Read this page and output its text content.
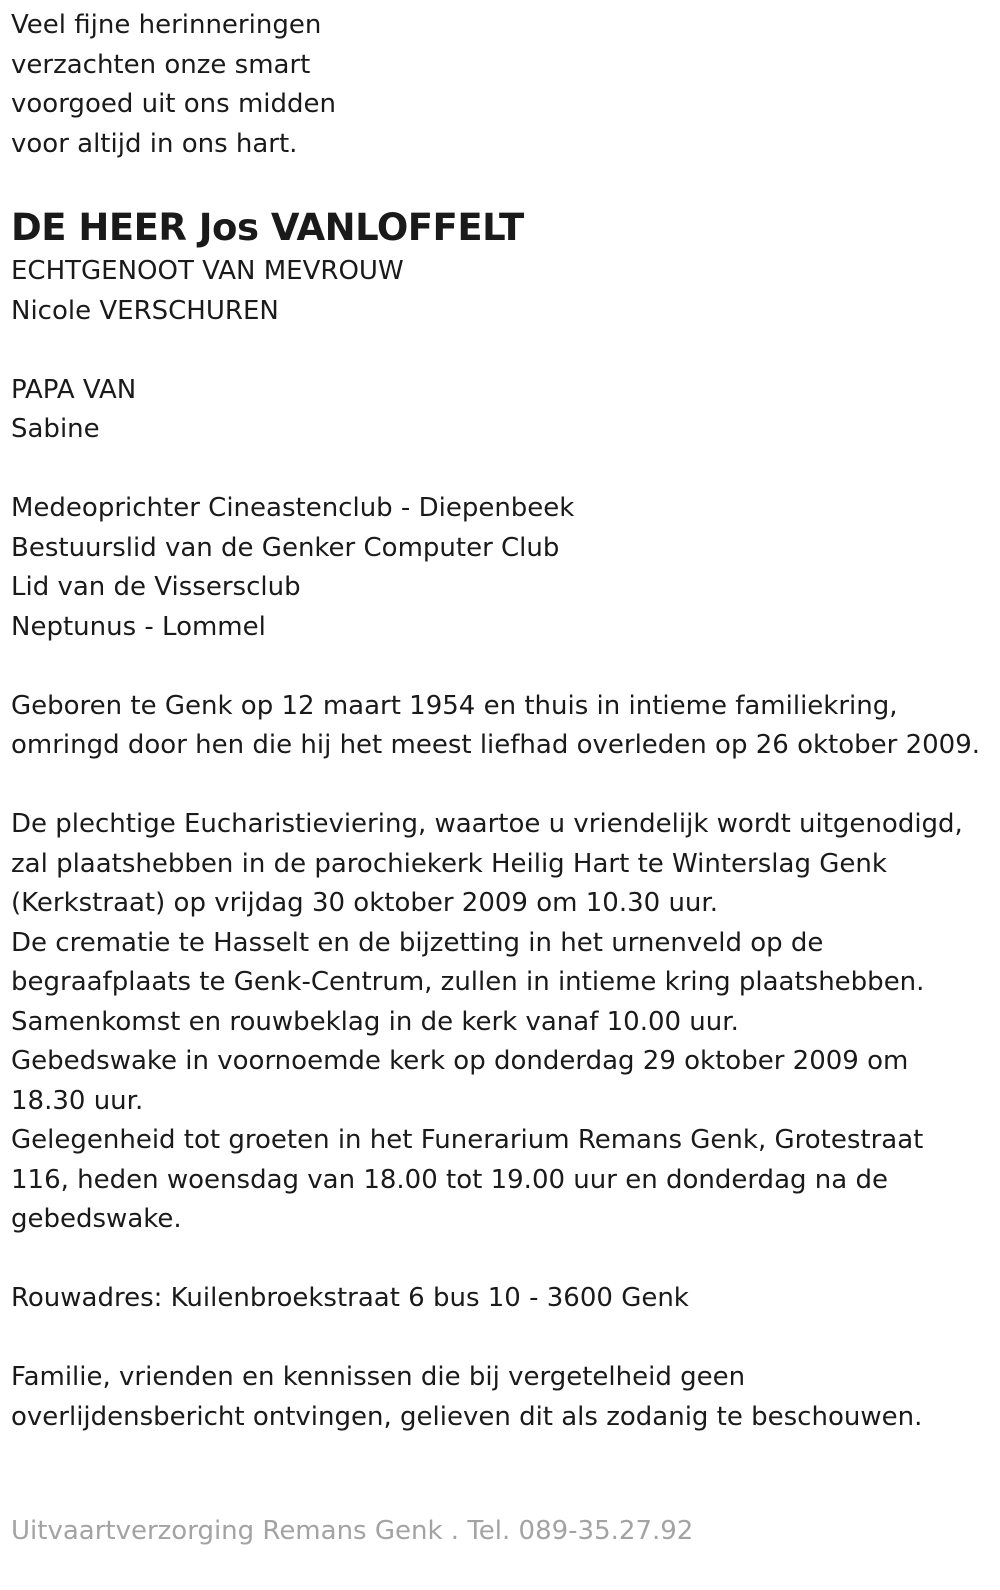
Veel fijne herinneringen
verzachten onze smart
voorgoed uit ons midden
voor altijd in ons hart.
DE HEER Jos VANLOFFELT
ECHTGENOOT VAN MEVROUW
Nicole VERSCHUREN
PAPA VAN
Sabine
Medeoprichter Cineastenclub - Diepenbeek
Bestuurslid van de Genker Computer Club
Lid van de Vissersclub
Neptunus - Lommel

Geboren te Genk op 12 maart 1954 en thuis in intieme familiekring, omringd door hen die hij het meest liefhad overleden op 26 oktober 2009.

De plechtige Eucharistieviering, waartoe u vriendelijk wordt uitgenodigd, zal plaatshebben in de parochiekerk Heilig Hart te Winterslag Genk (Kerkstraat) op vrijdag 30 oktober 2009 om 10.30 uur.

De crematie te Hasselt en de bijzetting in het urnenveld op de begraafplaats te Genk-Centrum, zullen in intieme kring plaatshebben.

Samenkomst en rouwbeklag in de kerk vanaf 10.00 uur.

Gebedswake in voornoemde kerk op donderdag 29 oktober 2009 om 18.30 uur.

Gelegenheid tot groeten in het Funerarium Remans Genk, Grotestraat 116, heden woensdag van 18.00 tot 19.00 uur en donderdag na de gebedswake.

Rouwadres: Kuilenbroekstraat 6 bus 10 - 3600 Genk

Familie, vrienden en kennissen die bij vergetelheid geen overlijdensbericht ontvingen, gelieven dit als zodanig te beschouwen.

Uitvaartverzorging Remans Genk . Tel. 089-35.27.92
